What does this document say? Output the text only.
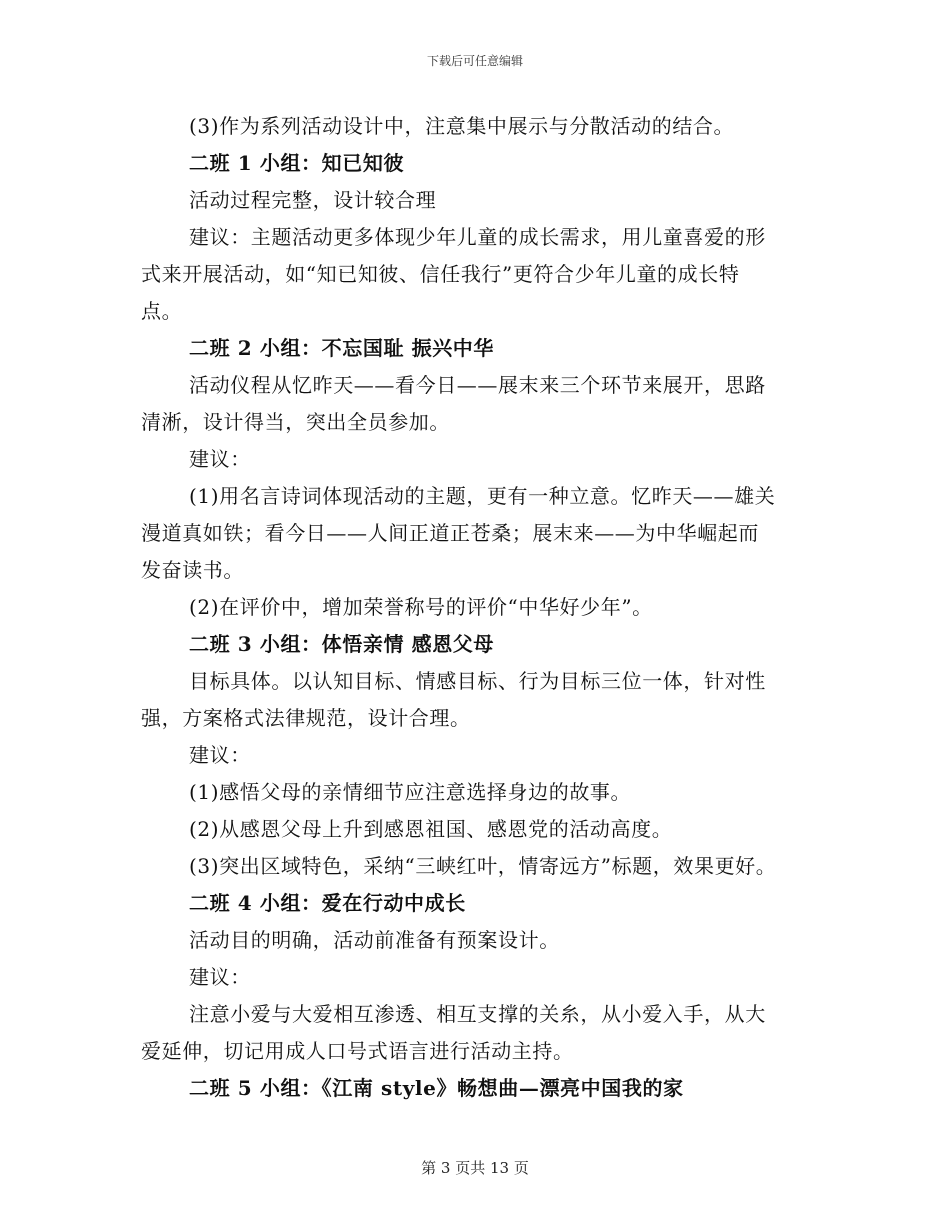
下载后可任意编辑
(3)作为系列活动设计中，注意集中展示与分散活动的结合。
二班 1 小组：知已知彼
活动过程完整，设计较合理
建议：主题活动更多体现少年儿童的成长需求，用儿童喜爱的形
式来开展活动，如“知已知彼、信任我行”更符合少年儿童的成长特
点。
二班 2 小组：不忘国耻 振兴中华
活动仪程从忆昨天——看今日——展末来三个环节来展开，思路
清淅，设计得当，突出全员参加。
建议：
(1)用名言诗词体现活动的主题，更有一种立意。忆昨天——雄关
漫道真如铁；看今日——人间正道正苍桑；展末来——为中华崛起而
发奋读书。
(2)在评价中，增加荣誉称号的评价“中华好少年”。
二班 3 小组：体悟亲情 感恩父母
目标具体。以认知目标、情感目标、行为目标三位一体，针对性
强，方案格式法律规范，设计合理。
建议：
(1)感悟父母的亲情细节应注意选择身边的故事。
(2)从感恩父母上升到感恩祖国、感恩党的活动高度。
(3)突出区域特色，采纳“三峡红叶，情寄远方”标题，效果更好。
二班 4 小组：爱在行动中成长
活动目的明确，活动前准备有预案设计。
建议：
注意小爱与大爱相互渗透、相互支撑的关糸，从小爱入手，从大
爱延伸，切记用成人口号式语言进行活动主持。
二班 5 小组：《江南 style》畅想曲—漂亮中国我的家
第 3 页共 13 页
